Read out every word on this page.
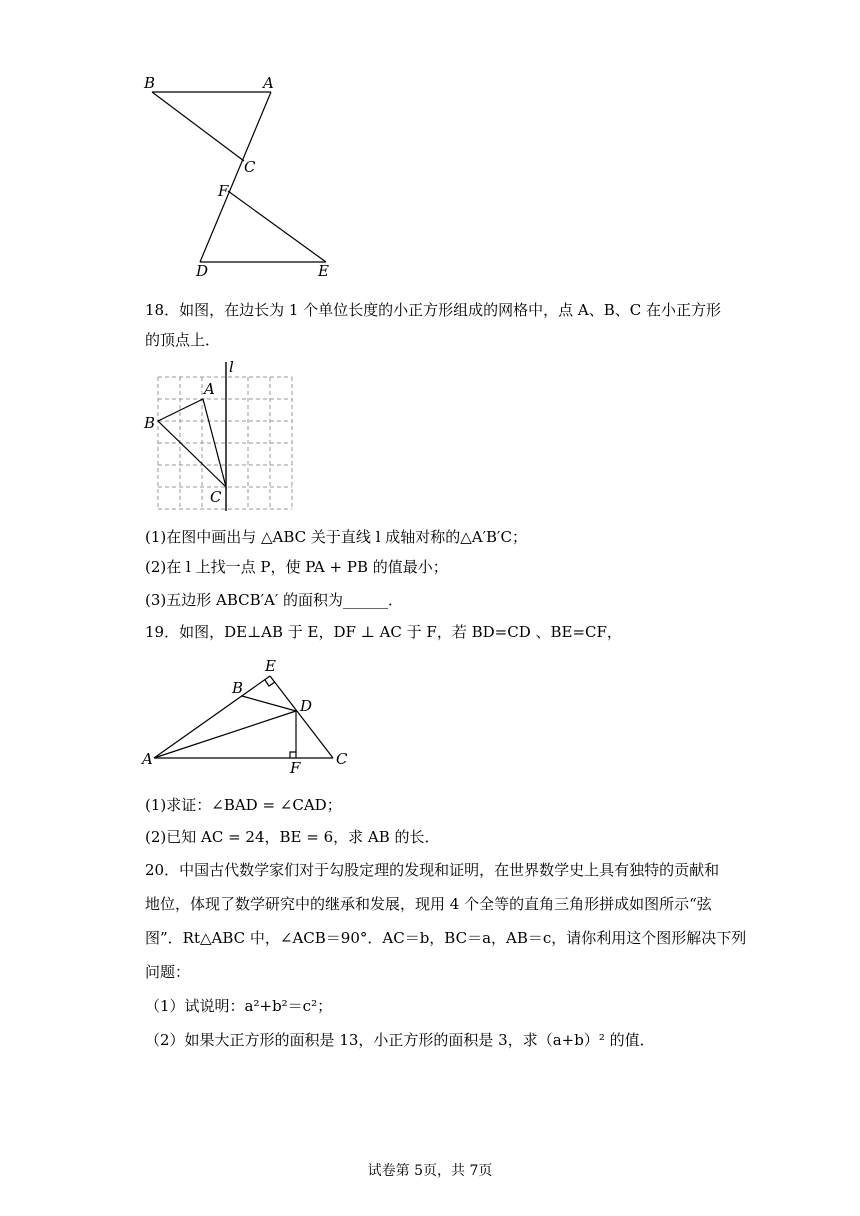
B	A
C
F
D	E
18．如图，在边长为 1 个单位长度的小正方形组成的网格中，点 A、B、C 在小正方形
的顶点上．
l
A
B
C
(1)在图中画出与 △ABC 关于直线 l 成轴对称的△A′B′C；
(2)在 l 上找一点 P，使 PA + PB 的值最小；
(3)五边形 ABCB′A′ 的面积为______．
19．如图，DE⊥AB 于 E，DF ⊥ AC 于 F，若 BD=CD 、BE=CF，
E
B
D
A	F C
(1)求证：∠BAD = ∠CAD；
(2)已知 AC = 24，BE = 6，求 AB 的长．
20．中国古代数学家们对于勾股定理的发现和证明，在世界数学史上具有独特的贡献和
地位，体现了数学研究中的继承和发展，现用 4 个全等的直角三角形拼成如图所示“弦
图”．Rt△ABC 中，∠ACB＝90°．AC＝b，BC＝a，AB＝c，请你利用这个图形解决下列
问题：
（1）试说明：a²+b²＝c²；
（2）如果大正方形的面积是 13，小正方形的面积是 3，求（a+b）² 的值．
试卷第 5页，共 7页
